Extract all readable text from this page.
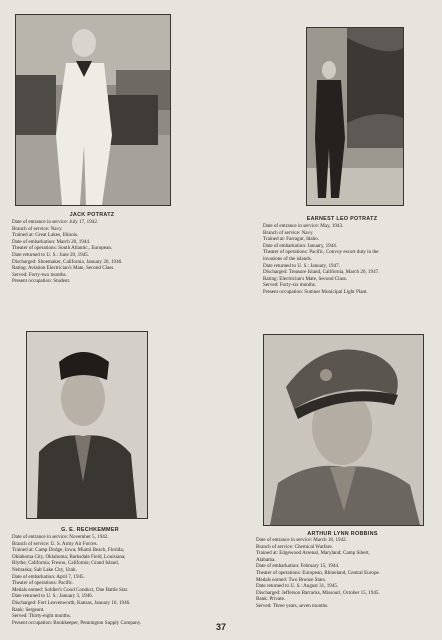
JACK POTRATZ
Date of entrance in service: July 17, 1942.
Branch of service: Navy.
Trained at: Great Lakes, Illinois.
Date of embarkation: March 20, 1944.
Theater of operations: South Atlantic., European.
Date returned to U. S.: June 20, 1945.
Discharged: Shoemaker, California, January 20, 1946.
Rating: Aviation Electrician's Mate, Second Class.
Served: Forty-two months.
Present occupation: Student.
EARNEST LEO POTRATZ
Date of entrance in service: May, 1943.
Branch of service: Navy.
Trained at: Farragut, Idaho.
Date of embarkation: January, 1944.
Theater of operations: Pacific, Convoy escort duty in the
invasions of the islands.
Date returned to U. S.: January, 1947.
Discharged: Treasure Island, California, March 26, 1947.
Rating: Electrician's Mate, Second Class.
Served: Forty-six months.
Present occupation: Sumner Municipal Light Plant.
G. E. RECHKEMMER
Date of entrance in service: November 5, 1942.
Branch of service: U. S. Army Air Forces.
Trained at: Camp Dodge, Iowa; Miami Beach, Florida;
Oklahoma City, Oklahoma; Barksdale Field, Louisiana;
Blythe, California; Fresno, California; Grand Island,
Nebraska; Salt Lake City, Utah.
Date of embarkation: April 7, 1945.
Theater of operations: Pacific.
Medals earned: Soldier's Good Conduct, One Battle Star.
Date returned to U. S.: January 3, 1946.
Discharged: Fort Leavenworth, Kansas, January 10, 1946.
Rank: Sergeant.
Served: Thirty-eight months.
Present occupation: Bookkeeper, Pennington Supply Company.
ARTHUR LYNN ROBBINS
Date of entrance in service: March 18, 1942.
Branch of service: Chemical Warfare.
Trained at: Edgewood Arsenal, Maryland; Camp Sibert,
Alabama.
Date of embarkation: February 15, 1944.
Theater of operations: European, Rhineland, Central Europe.
Medals earned: Two Bronze Stars.
Date returned to U. S.: August 31, 1945.
Discharged: Jefferson Barracks, Missouri, October 15, 1945.
Rank: Private.
Served: Three years, seven months.
37
